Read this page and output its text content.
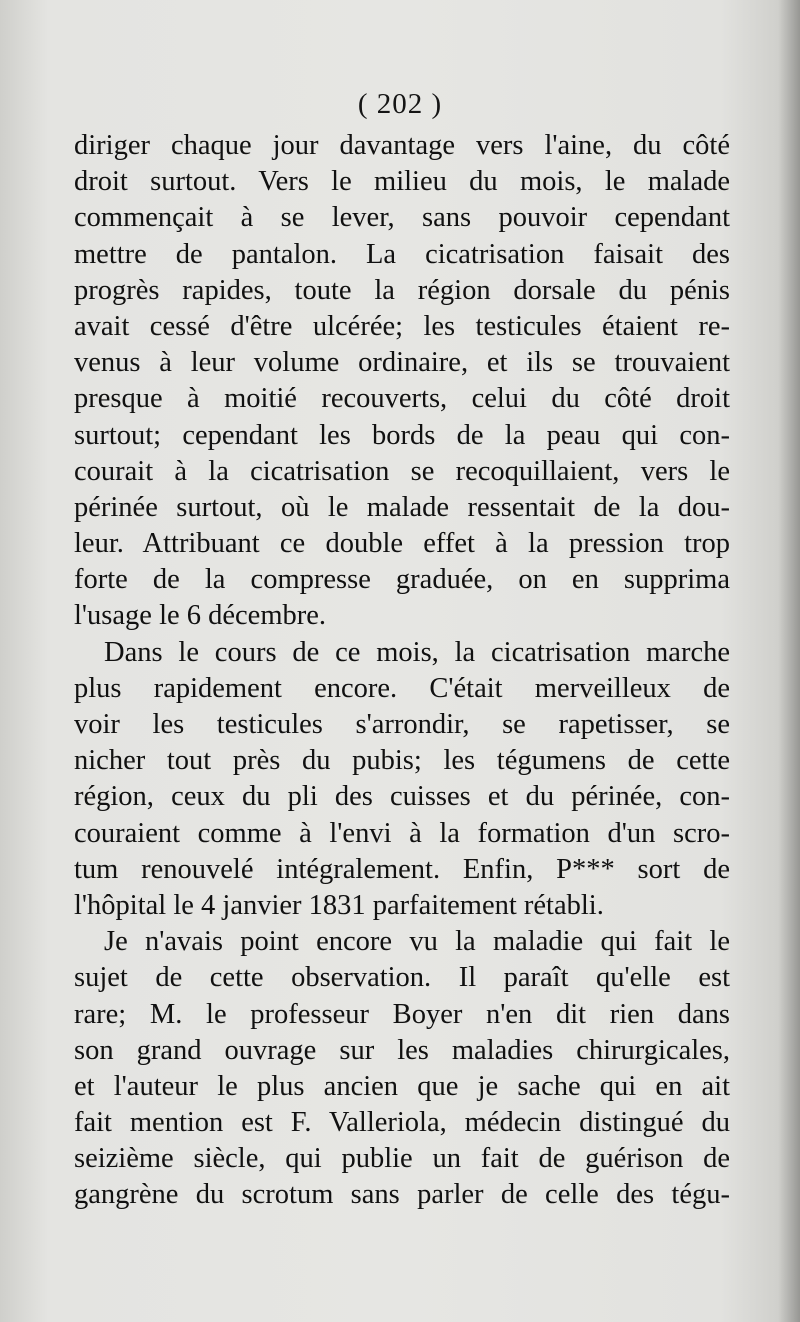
( 202 )
diriger chaque jour davantage vers l'aine, du côté
droit surtout. Vers le milieu du mois, le malade
commençait à se lever, sans pouvoir cependant
mettre de pantalon. La cicatrisation faisait des
progrès rapides, toute la région dorsale du pénis
avait cessé d'être ulcérée; les testicules étaient re-
venus à leur volume ordinaire, et ils se trouvaient
presque à moitié recouverts, celui du côté droit
surtout; cependant les bords de la peau qui con-
courait à la cicatrisation se recoquillaient, vers le
périnée surtout, où le malade ressentait de la dou-
leur. Attribuant ce double effet à la pression trop
forte de la compresse graduée, on en supprima
l'usage le 6 décembre.
Dans le cours de ce mois, la cicatrisation marche
plus rapidement encore. C'était merveilleux de
voir les testicules s'arrondir, se rapetisser, se
nicher tout près du pubis; les tégumens de cette
région, ceux du pli des cuisses et du périnée, con-
couraient comme à l'envi à la formation d'un scro-
tum renouvelé intégralement. Enfin, P*** sort de
l'hôpital le 4 janvier 1831 parfaitement rétabli.
Je n'avais point encore vu la maladie qui fait le
sujet de cette observation. Il paraît qu'elle est
rare; M. le professeur Boyer n'en dit rien dans
son grand ouvrage sur les maladies chirurgicales,
et l'auteur le plus ancien que je sache qui en ait
fait mention est F. Valleriola, médecin distingué du
seizième siècle, qui publie un fait de guérison de
gangrène du scrotum sans parler de celle des tégu-
